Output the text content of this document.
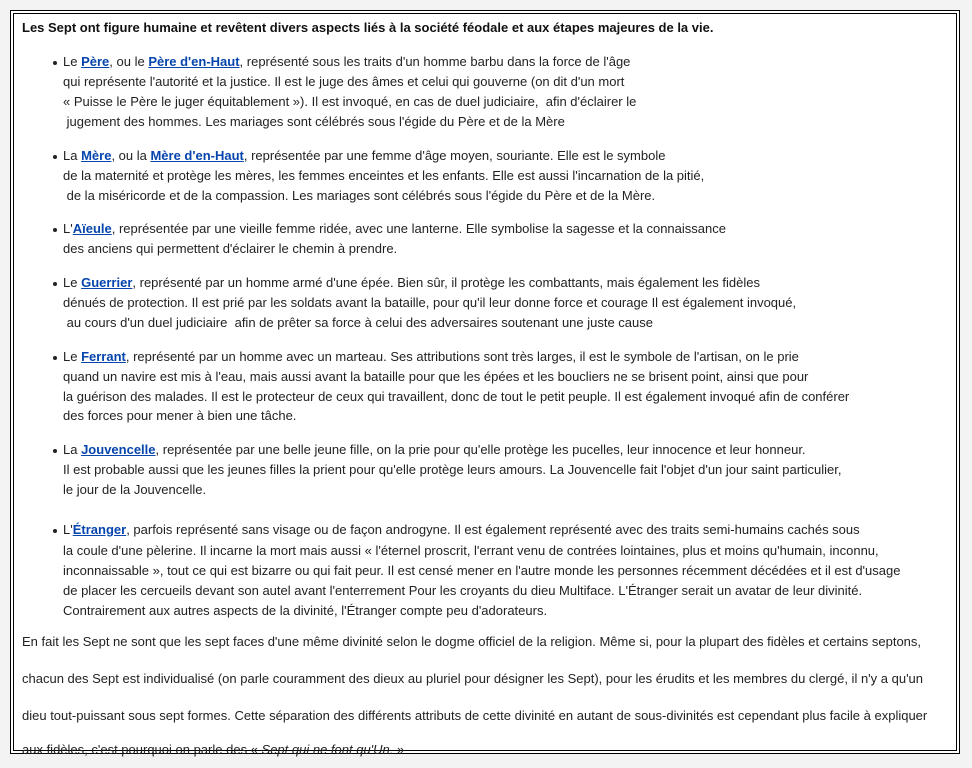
Les Sept ont figure humaine et revêtent divers aspects liés à la société féodale et aux étapes majeures de la vie.
Le Père, ou le Père d'en-Haut, représenté sous les traits d'un homme barbu dans la force de l'âge
qui représente l'autorité et la justice. Il est le juge des âmes et celui qui gouverne (on dit d'un mort
« Puisse le Père le juger équitablement »). Il est invoqué, en cas de duel judiciaire,  afin d'éclairer le
jugement des hommes. Les mariages sont célébrés sous l'égide du Père et de la Mère
La Mère, ou la Mère d'en-Haut, représentée par une femme d'âge moyen, souriante. Elle est le symbole
de la maternité et protège les mères, les femmes enceintes et les enfants. Elle est aussi l'incarnation de la pitié,
de la miséricorde et de la compassion. Les mariages sont célébrés sous l'égide du Père et de la Mère.
L'Aïeule, représentée par une vieille femme ridée, avec une lanterne. Elle symbolise la sagesse et la connaissance
des anciens qui permettent d'éclairer le chemin à prendre.
Le Guerrier, représenté par un homme armé d'une épée. Bien sûr, il protège les combattants, mais également les fidèles
dénués de protection. Il est prié par les soldats avant la bataille, pour qu'il leur donne force et courage Il est également invoqué,
au cours d'un duel judiciaire  afin de prêter sa force à celui des adversaires soutenant une juste cause
Le Ferrant, représenté par un homme avec un marteau. Ses attributions sont très larges, il est le symbole de l'artisan, on le prie
quand un navire est mis à l'eau, mais aussi avant la bataille pour que les épées et les boucliers ne se brisent point, ainsi que pour
la guérison des malades. Il est le protecteur de ceux qui travaillent, donc de tout le petit peuple. Il est également invoqué afin de conférer
des forces pour mener à bien une tâche.
La Jouvencelle, représentée par une belle jeune fille, on la prie pour qu'elle protège les pucelles, leur innocence et leur honneur.
Il est probable aussi que les jeunes filles la prient pour qu'elle protège leurs amours. La Jouvencelle fait l'objet d'un jour saint particulier,
le jour de la Jouvencelle.
L'Étranger, parfois représenté sans visage ou de façon androgyne. Il est également représenté avec des traits semi-humains cachés sous
la coule d'une pèlerine. Il incarne la mort mais aussi « l'éternel proscrit, l'errant venu de contrées lointaines, plus et moins qu'humain, inconnu,
inconnaissable », tout ce qui est bizarre ou qui fait peur. Il est censé mener en l'autre monde les personnes récemment décédées et il est d'usage
de placer les cercueils devant son autel avant l'enterrement Pour les croyants du dieu Multiface. L'Étranger serait un avatar de leur divinité.
Contrairement aux autres aspects de la divinité, l'Étranger compte peu d'adorateurs.
En fait les Sept ne sont que les sept faces d'une même divinité selon le dogme officiel de la religion. Même si, pour la plupart des fidèles et certains septons,
chacun des Sept est individualisé (on parle couramment des dieux au pluriel pour désigner les Sept), pour les érudits et les membres du clergé, il n'y a qu'un
dieu tout-puissant sous sept formes. Cette séparation des différents attributs de cette divinité en autant de sous-divinités est cependant plus facile à expliquer
aux fidèles, c'est pourquoi on parle des « Sept qui ne font qu'Un. »
